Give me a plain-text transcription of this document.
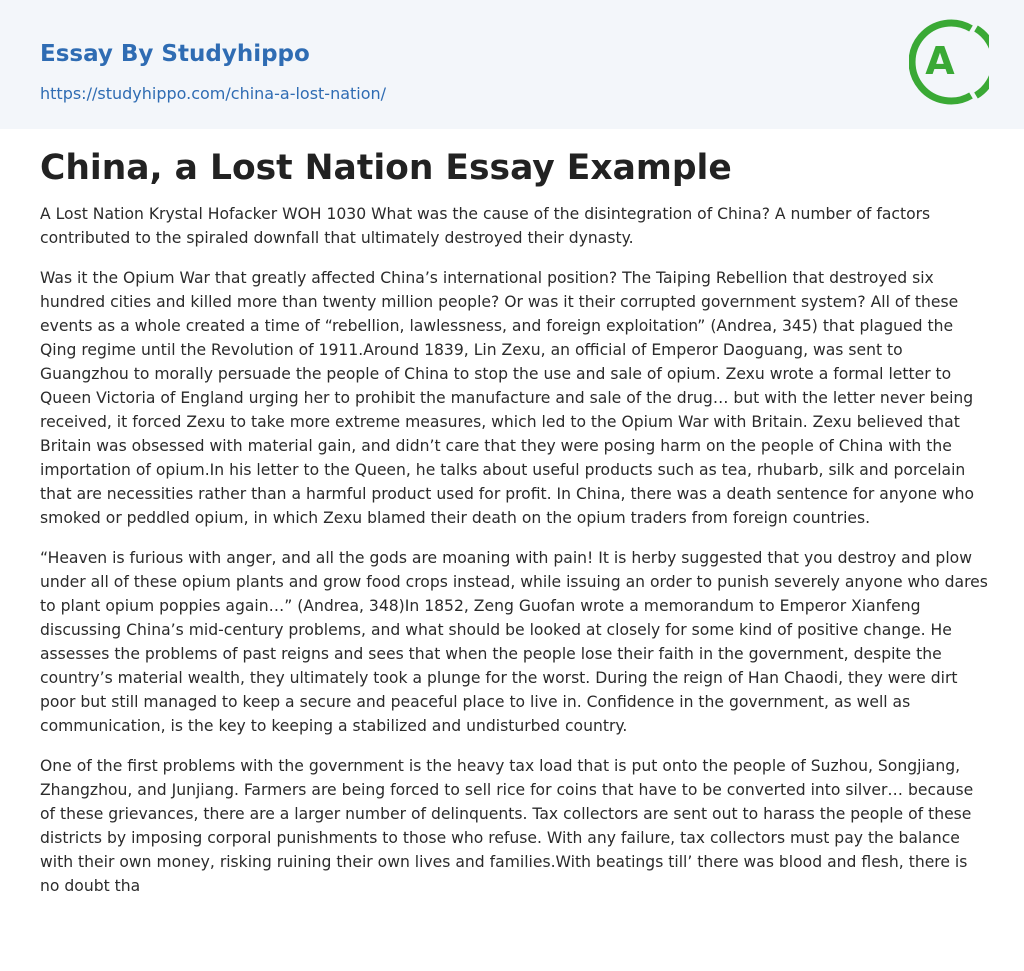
Essay By Studyhippo
https://studyhippo.com/china-a-lost-nation/
A
China, a Lost Nation Essay Example

A Lost Nation Krystal Hofacker WOH 1030 What was the cause of the disintegration of China? A number of factors contributed to the spiraled downfall that ultimately destroyed their dynasty.

Was it the Opium War that greatly affected China’s international position? The Taiping Rebellion that destroyed six hundred cities and killed more than twenty million people? Or was it their corrupted government system? All of these events as a whole created a time of “rebellion, lawlessness, and foreign exploitation” (Andrea, 345) that plagued the Qing regime until the Revolution of 1911.Around 1839, Lin Zexu, an official of Emperor Daoguang, was sent to Guangzhou to morally persuade the people of China to stop the use and sale of opium. Zexu wrote a formal letter to Queen Victoria of England urging her to prohibit the manufacture and sale of the drug… but with the letter never being received, it forced Zexu to take more extreme measures, which led to the Opium War with Britain. Zexu believed that Britain was obsessed with material gain, and didn’t care that they were posing harm on the people of China with the importation of opium.In his letter to the Queen, he talks about useful products such as tea, rhubarb, silk and porcelain that are necessities rather than a harmful product used for profit. In China, there was a death sentence for anyone who smoked or peddled opium, in which Zexu blamed their death on the opium traders from foreign countries.

“Heaven is furious with anger, and all the gods are moaning with pain! It is herby suggested that you destroy and plow under all of these opium plants and grow food crops instead, while issuing an order to punish severely anyone who dares to plant opium poppies again…” (Andrea, 348)In 1852, Zeng Guofan wrote a memorandum to Emperor Xianfeng discussing China’s mid-century problems, and what should be looked at closely for some kind of positive change. He assesses the problems of past reigns and sees that when the people lose their faith in the government, despite the country’s material wealth, they ultimately took a plunge for the worst. During the reign of Han Chaodi, they were dirt poor but still managed to keep a secure and peaceful place to live in. Confidence in the government, as well as communication, is the key to keeping a stabilized and undisturbed country.

One of the first problems with the government is the heavy tax load that is put onto the people of Suzhou, Songjiang, Zhangzhou, and Junjiang. Farmers are being forced to sell rice for coins that have to be converted into silver… because of these grievances, there are a larger number of delinquents. Tax collectors are sent out to harass the people of these districts by imposing corporal punishments to those who refuse. With any failure, tax collectors must pay the balance with their own money, risking ruining their own lives and families.With beatings till’ there was blood and flesh, there is no doubt tha
